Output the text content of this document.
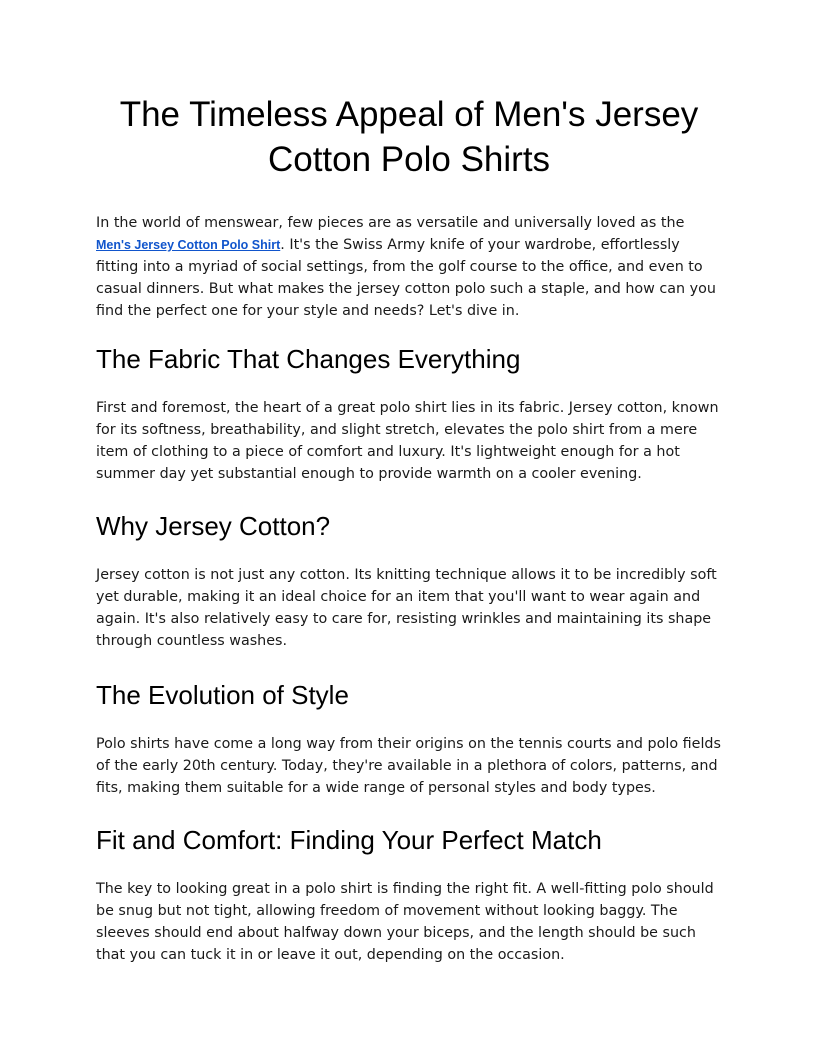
The Timeless Appeal of Men's Jersey Cotton Polo Shirts

In the world of menswear, few pieces are as versatile and universally loved as the Men's Jersey Cotton Polo Shirt. It's the Swiss Army knife of your wardrobe, effortlessly fitting into a myriad of social settings, from the golf course to the office, and even to casual dinners. But what makes the jersey cotton polo such a staple, and how can you find the perfect one for your style and needs? Let's dive in.

The Fabric That Changes Everything

First and foremost, the heart of a great polo shirt lies in its fabric. Jersey cotton, known for its softness, breathability, and slight stretch, elevates the polo shirt from a mere item of clothing to a piece of comfort and luxury. It's lightweight enough for a hot summer day yet substantial enough to provide warmth on a cooler evening.

Why Jersey Cotton?

Jersey cotton is not just any cotton. Its knitting technique allows it to be incredibly soft yet durable, making it an ideal choice for an item that you'll want to wear again and again. It's also relatively easy to care for, resisting wrinkles and maintaining its shape through countless washes.

The Evolution of Style

Polo shirts have come a long way from their origins on the tennis courts and polo fields of the early 20th century. Today, they're available in a plethora of colors, patterns, and fits, making them suitable for a wide range of personal styles and body types.

Fit and Comfort: Finding Your Perfect Match

The key to looking great in a polo shirt is finding the right fit. A well-fitting polo should be snug but not tight, allowing freedom of movement without looking baggy. The sleeves should end about halfway down your biceps, and the length should be such that you can tuck it in or leave it out, depending on the occasion.
